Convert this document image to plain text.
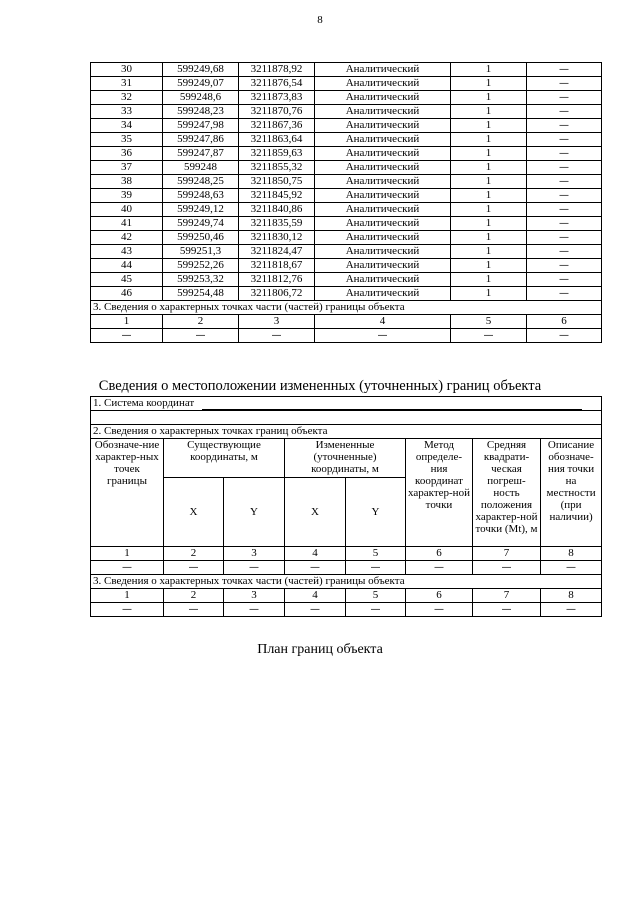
8
30	599249,68	3211878,92	Аналитический	1	—
31	599249,07	3211876,54	Аналитический	1	—
32	599248,6	3211873,83	Аналитический	1	—
33	599248,23	3211870,76	Аналитический	1	—
34	599247,98	3211867,36	Аналитический	1	—
35	599247,86	3211863,64	Аналитический	1	—
36	599247,87	3211859,63	Аналитический	1	—
37	599248	3211855,32	Аналитический	1	—
38	599248,25	3211850,75	Аналитический	1	—
39	599248,63	3211845,92	Аналитический	1	—
40	599249,12	3211840,86	Аналитический	1	—
41	599249,74	3211835,59	Аналитический	1	—
42	599250,46	3211830,12	Аналитический	1	—
43	599251,3	3211824,47	Аналитический	1	—
44	599252,26	3211818,67	Аналитический	1	—
45	599253,32	3211812,76	Аналитический	1	—
46	599254,48	3211806,72	Аналитический	1	—
3. Сведения о характерных точках части (частей) границы объекта					
1	2	3	4	5	6
—	—	—	—	—	—
Сведения о местоположении измененных (уточненных) границ объекта
1. Система координат							

2. Сведения о характерных точках границ объекта							
Обозначе-ние характер-ных точек границы	Существующие координаты, м		Измененные (уточненные) координаты, м		Метод определе-ния координат характер-ной точки	Средняя квадрати-ческая погреш-ность положения характер-ной точки (Mt), м	Описание обозначе-ния точки на местности (при наличии)
	X	Y	X	Y			
1	2	3	4	5	6	7	8
—	—	—	—	—	—	—	—
3. Сведения о характерных точках части (частей) границы объекта							
1	2	3	4	5	6	7	8
—	—	—	—	—	—	—	—
План границ объекта
